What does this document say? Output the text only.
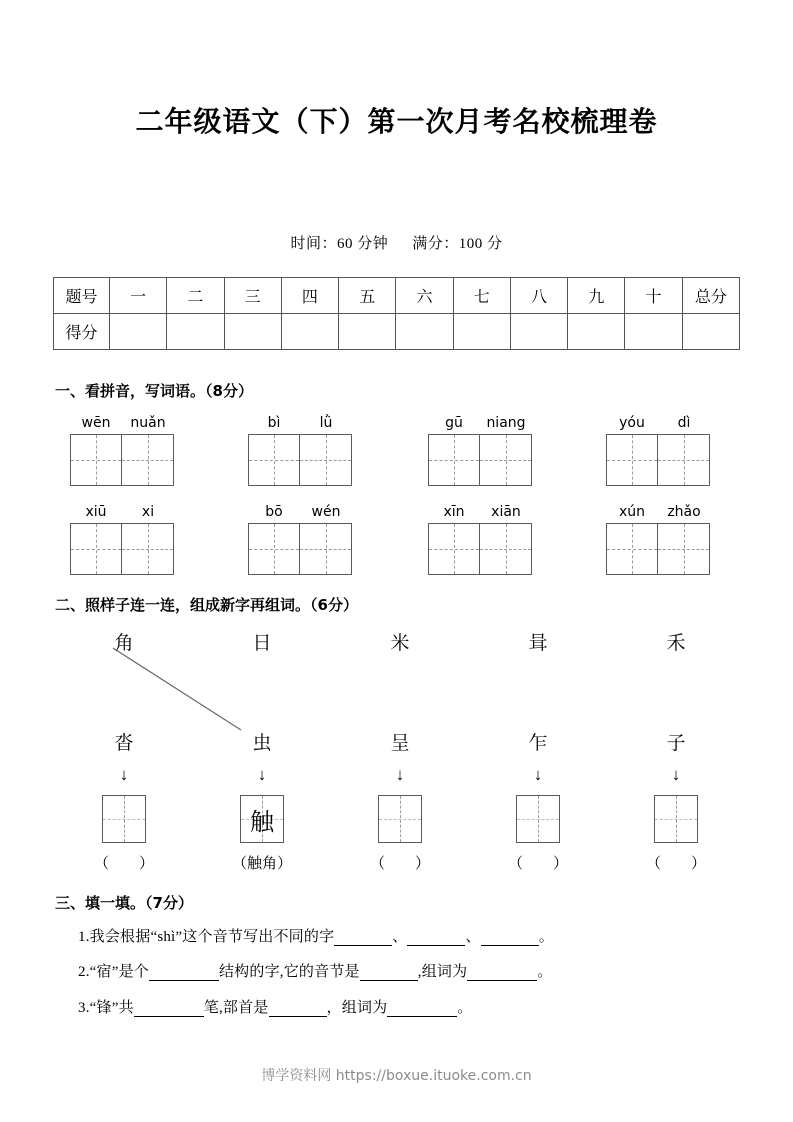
二年级语文（下）第一次月考名校梳理卷
时间：60 分钟 满分：100 分
题号	一	二	三	四	五	六	七	八	九	十	总分
得分											
一、看拼音，写词语。（8分）
wēn	nuǎn	bì	lǜ	gū	niang	yóu	dì
xiū	xi	bō	wén	xīn	xiān	xún	zhǎo
二、照样子连一连，组成新字再组词。（6分）
角	日	米	咠	禾
沓	虫	呈	乍	子
↓	↓	↓	↓	↓
触
（　　）	（触角）	（　　）	（　　）	（　　）
三、填一填。（7分）
1.我会根据“shì”这个音节写出不同的字	、	、	。
2.“宿”是个	结构的字,它的音节是	,组词为	。
3.“锋”共	笔,部首是	，组词为	。
博学资料网 https://boxue.ituoke.com.cn
